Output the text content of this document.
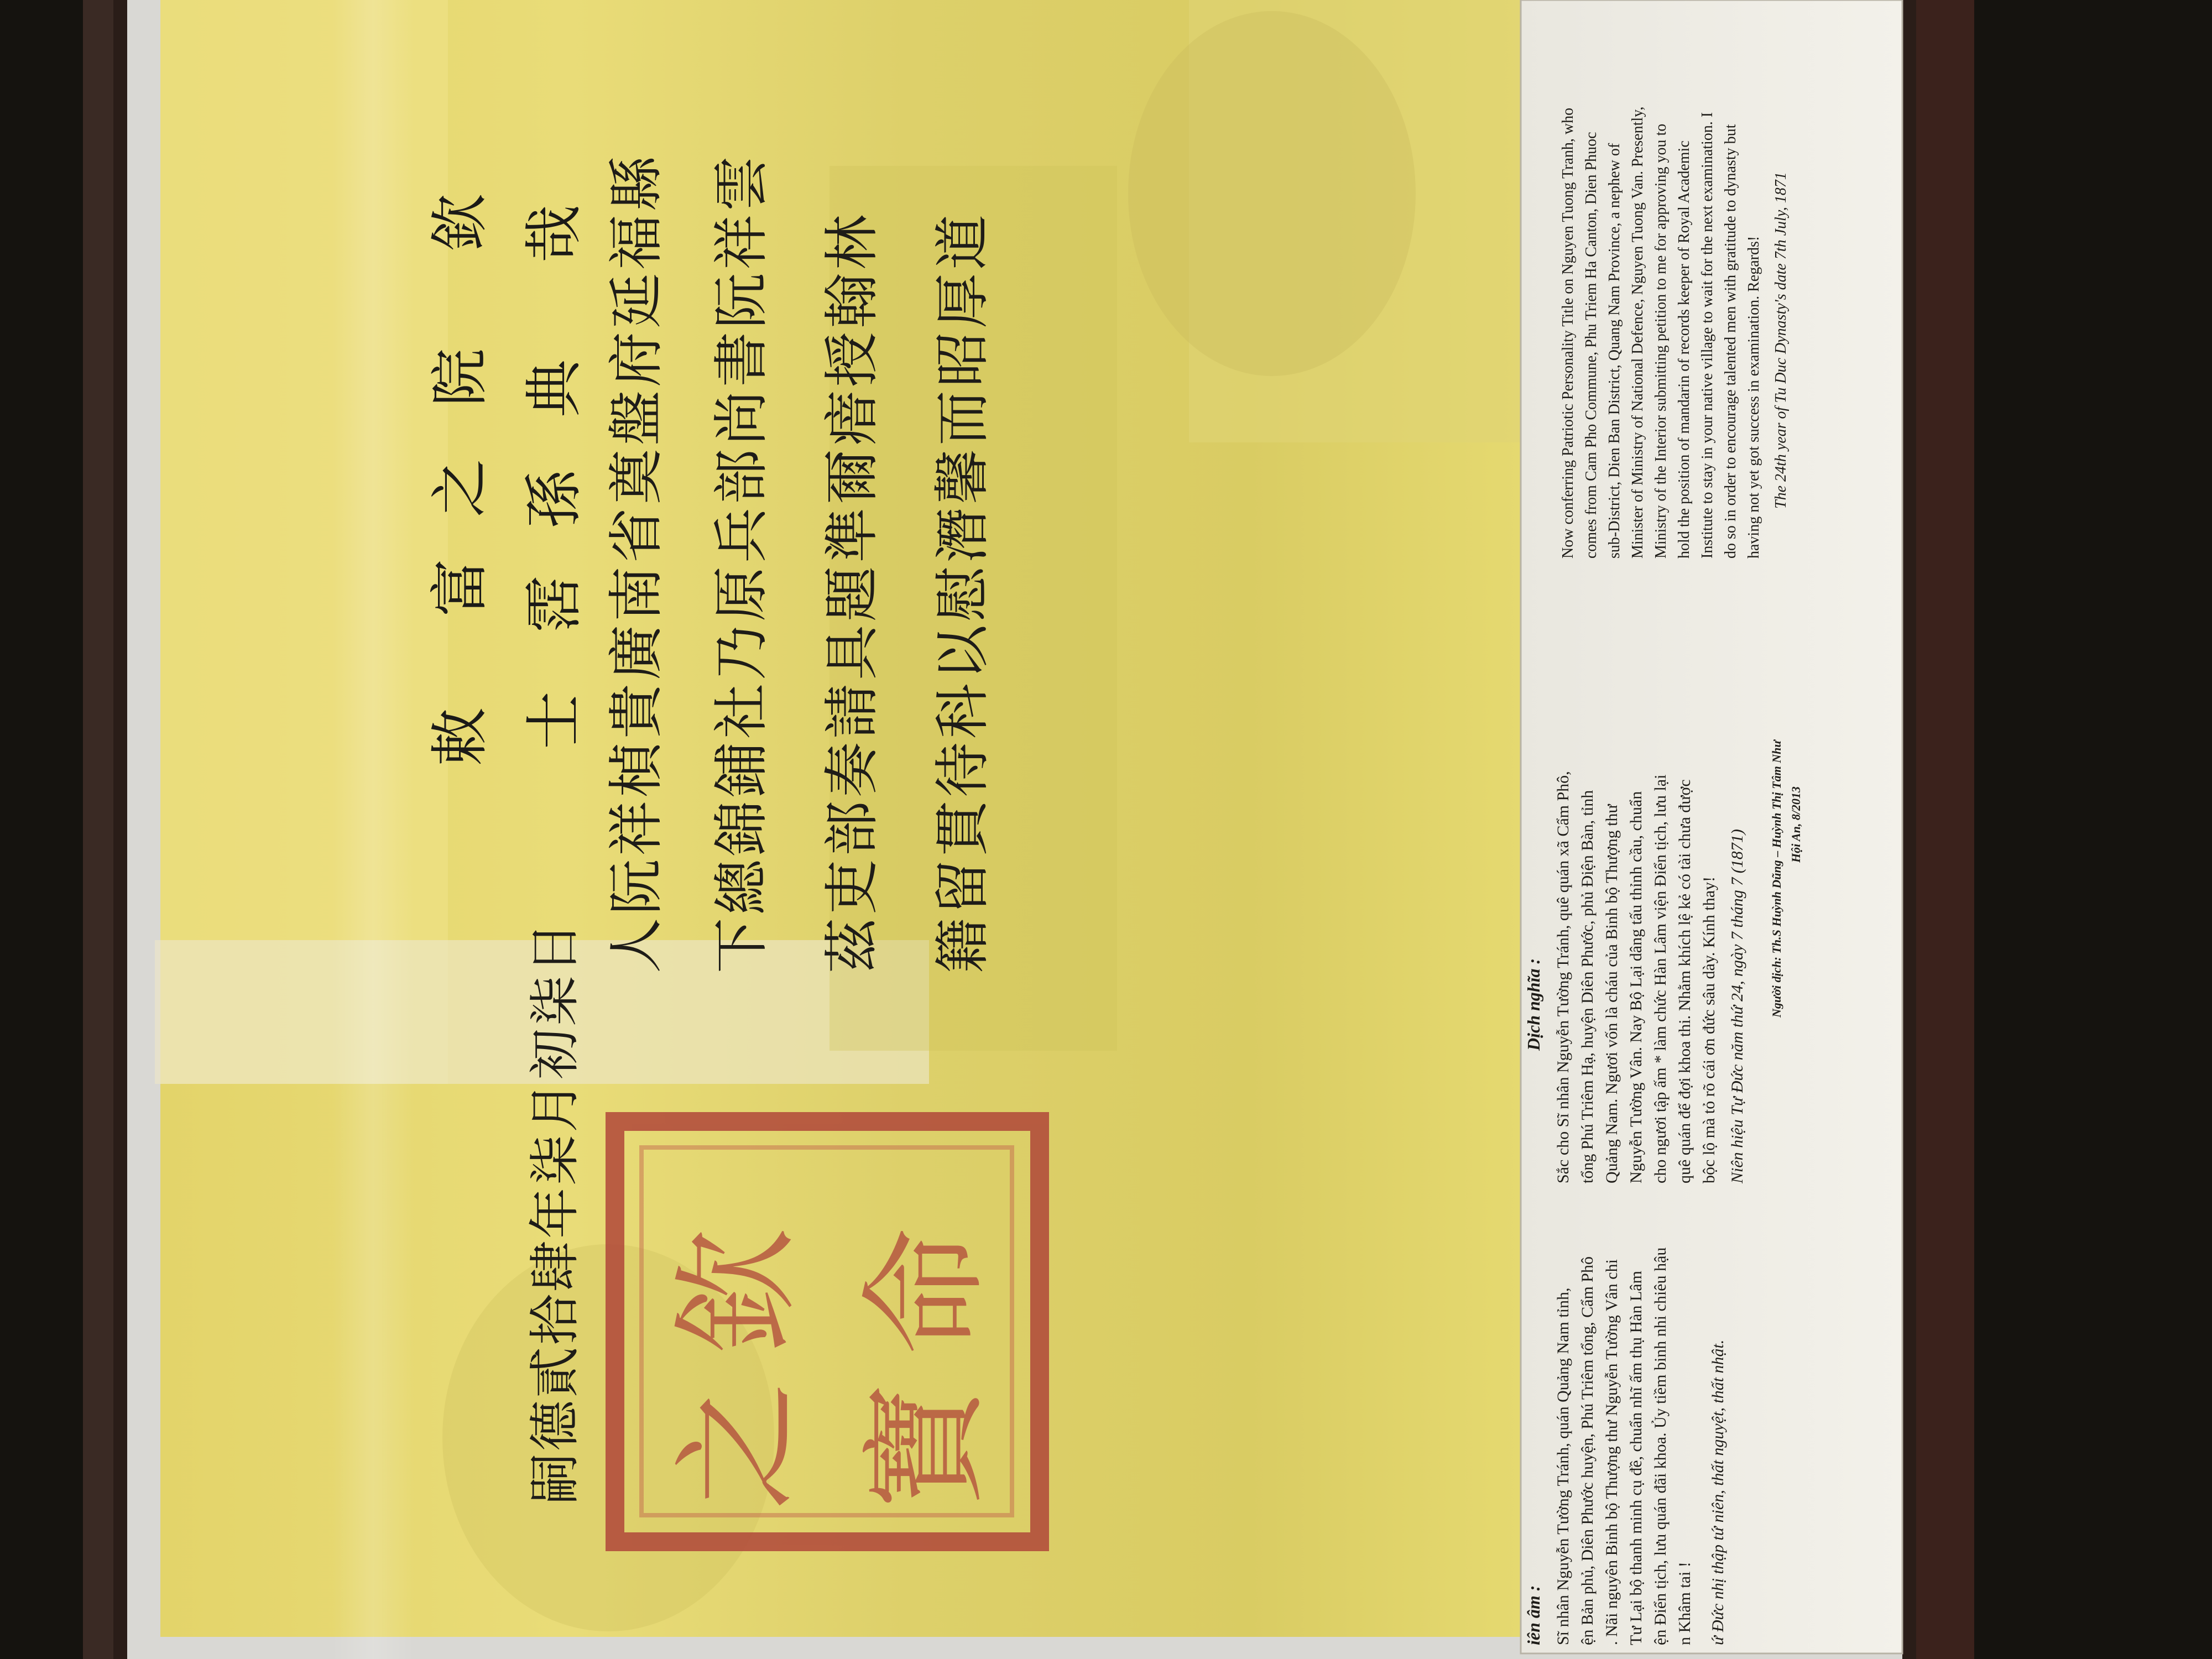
欽 命
之 寶
敕 士
富 霑
之 孫
院 典
欽 哉 人阮祥楨貴廣南省奠盤府延福縣 下總錦鋪社乃原兵部尚書阮祥雲 茲吏部奏請具題準爾瘖授翰林 籍留貫待科以慰潛馨而昭厚道
嗣德貳拾肆年柒月初柒日
iên âm : Sĩ nhân Nguyễn Tường Tránh, quán Quảng Nam tỉnh, ện Bản phủ, Diên Phước huyện, Phú Triêm tổng, Cẩm Phô . Nãi nguyên Binh bộ Thượng thư Nguyễn Tường Vân chi Tư Lại bộ thanh minh cụ đề, chuẩn nhĩ ấm thụ Hàn Lâm ện Điển tịch, lưu quán đãi khoa. Ủy tiềm binh nhi chiêu hậu n Khâm tai ! ứ Đức nhị thập tứ niên, thất nguyệt, thất nhật.
Dịch nghĩa : Sắc cho Sĩ nhân Nguyễn Tường Tránh, quê quán xã Cẩm Phô, tổng Phú Triêm Hạ, huyện Diên Phước, phủ Điện Bàn, tỉnh Quảng Nam. Ngươi vốn là cháu của Binh bộ Thượng thư Nguyễn Tường Vân. Nay Bộ Lại dâng tấu thỉnh cầu, chuẩn cho ngươi tập ấm * làm chức Hàn Lâm viện Điển tịch, lưu lại quê quán để đợi khoa thi. Nhằm khích lệ kẻ có tài chưa được bộc lộ mà tỏ rõ cái ơn đức sâu dày. Kính thay! Niên hiệu Tự Đức năm thứ 24, ngày 7 tháng 7 (1871) Người dịch: Th.S Huỳnh Dũng – Huỳnh Thị Tâm Như Hội An, 8/2013
Now conferring Patriotic Personality Title on Nguyen Tuong Tranh, who comes from Cam Pho Commune, Phu Triem Ha Canton, Dien Phuoc sub-District, Dien Ban District, Quang Nam Province, a nephew of Minister of Ministry of National Defence, Nguyen Tuong Van. Presently, Ministry of the Interior submitting petition to me for approving you to hold the position of mandarin of records keeper of Royal Academic Institute to stay in your native village to wait for the next examination. I do so in order to encourage talented men with gratitude to dynasty but having not yet got success in examination. Regards! The 24th year of Tu Duc Dynasty's date 7th July, 1871
